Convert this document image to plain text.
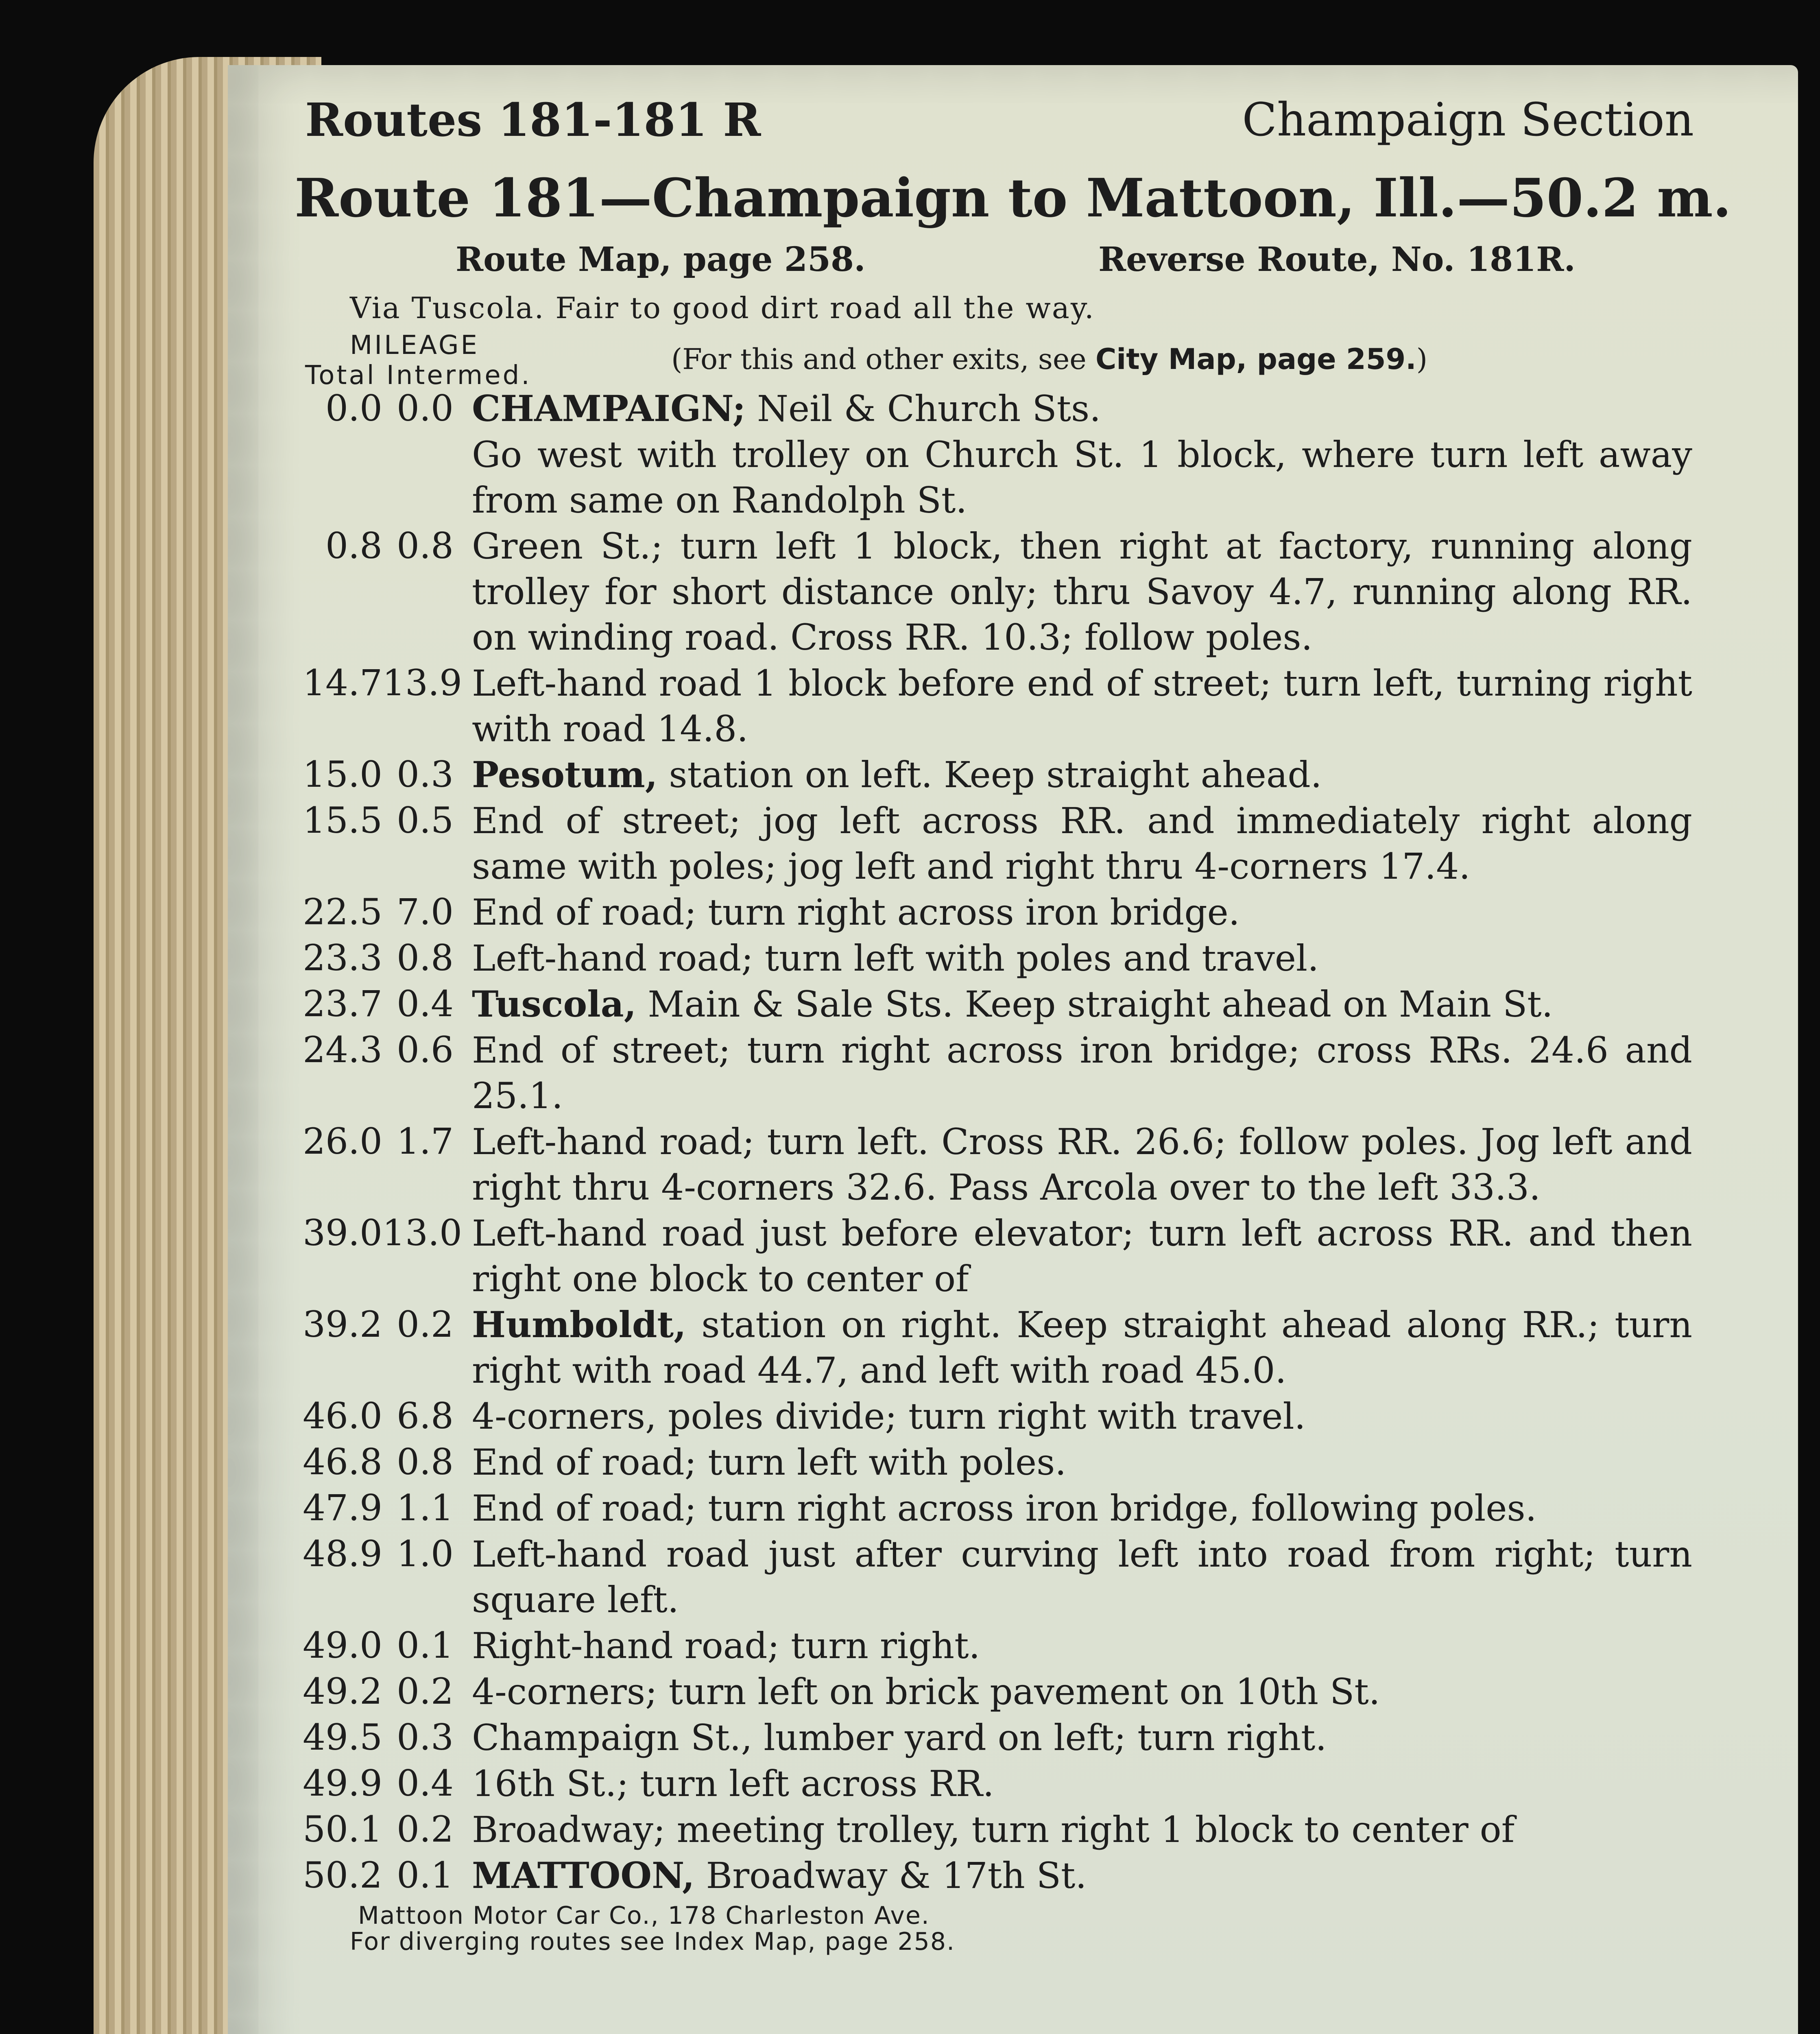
Routes 181-181 R	Champaign Section
Route 181—Champaign to Mattoon, Ill.—50.2 m.
Route Map, page 258.	Reverse Route, No. 181R.
Via Tuscola. Fair to good dirt road all the way.
MILEAGE
Total Intermed.	(For this and other exits, see City Map, page 259.)
0.0 0.0 CHAMPAIGN; Neil & Church Sts.
Go west with trolley on Church St. 1 block, where turn left away from same on Randolph St.
0.8 0.8 Green St.; turn left 1 block, then right at factory, running along trolley for short distance only; thru Savoy 4.7, running along RR. on winding road. Cross RR. 10.3; follow poles.
14.7 13.9 Left-hand road 1 block before end of street; turn left, turning right with road 14.8.
15.0 0.3 Pesotum, station on left. Keep straight ahead.
15.5 0.5 End of street; jog left across RR. and immediately right along same with poles; jog left and right thru 4-corners 17.4.
22.5 7.0 End of road; turn right across iron bridge.
23.3 0.8 Left-hand road; turn left with poles and travel.
23.7 0.4 Tuscola, Main & Sale Sts. Keep straight ahead on Main St.
24.3 0.6 End of street; turn right across iron bridge; cross RRs. 24.6 and 25.1.
26.0 1.7 Left-hand road; turn left. Cross RR. 26.6; follow poles. Jog left and right thru 4-corners 32.6. Pass Arcola over to the left 33.3.
39.0 13.0 Left-hand road just before elevator; turn left across RR. and then right one block to center of
39.2 0.2 Humboldt, station on right. Keep straight ahead along RR.; turn right with road 44.7, and left with road 45.0.
46.0 6.8 4-corners, poles divide; turn right with travel.
46.8 0.8 End of road; turn left with poles.
47.9 1.1 End of road; turn right across iron bridge, following poles.
48.9 1.0 Left-hand road just after curving left into road from right; turn square left.
49.0 0.1 Right-hand road; turn right.
49.2 0.2 4-corners; turn left on brick pavement on 10th St.
49.5 0.3 Champaign St., lumber yard on left; turn right.
49.9 0.4 16th St.; turn left across RR.
50.1 0.2 Broadway; meeting trolley, turn right 1 block to center of
50.2 0.1 MATTOON, Broadway & 17th St.
Mattoon Motor Car Co., 178 Charleston Ave.
For diverging routes see Index Map, page 258.
